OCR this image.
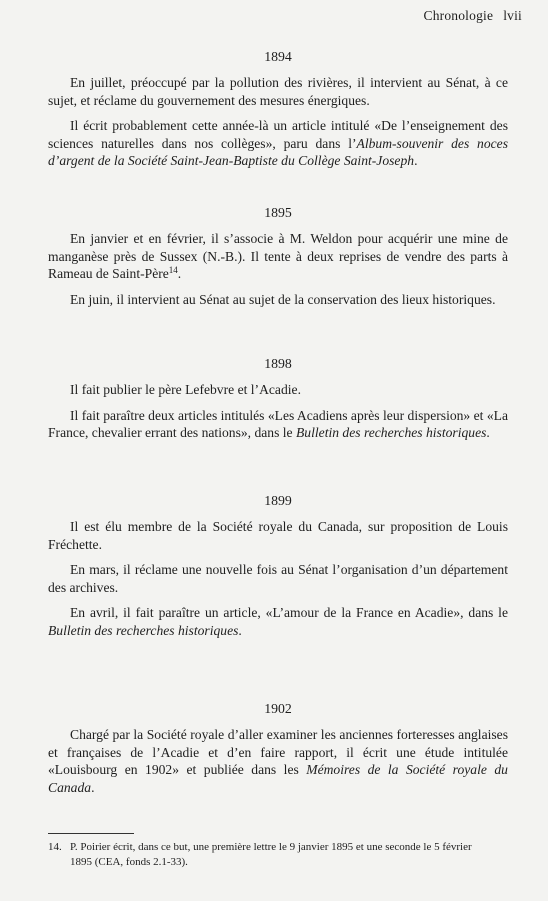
Chronologie lvii
1894

En juillet, préoccupé par la pollution des rivières, il intervient au Sénat, à ce sujet, et réclame du gouvernement des mesures énergiques.

Il écrit probablement cette année-là un article intitulé «De l’enseignement des sciences naturelles dans nos collèges», paru dans l’Album-souvenir des noces d’argent de la Société Saint-Jean-Baptiste du Collège Saint-Joseph.

1895

En janvier et en février, il s’associe à M. Weldon pour acquérir une mine de manganèse près de Sussex (N.-B.). Il tente à deux reprises de vendre des parts à Rameau de Saint-Père$^{14}$.

En juin, il intervient au Sénat au sujet de la conservation des lieux historiques.

1898

Il fait publier le père Lefebvre et l’Acadie.

Il fait paraître deux articles intitulés «Les Acadiens après leur dispersion» et «La France, chevalier errant des nations», dans le Bulletin des recherches historiques.

1899

Il est élu membre de la Société royale du Canada, sur proposition de Louis Fréchette.

En mars, il réclame une nouvelle fois au Sénat l’organisation d’un département des archives.

En avril, il fait paraître un article, «L’amour de la France en Acadie», dans le Bulletin des recherches historiques.

1902

Chargé par la Société royale d’aller examiner les anciennes forteresses anglaises et françaises de l’Acadie et d’en faire rapport, il écrit une étude intitulée «Louisbourg en 1902» et publiée dans les Mémoires de la Société royale du Canada.

14. P. Poirier écrit, dans ce but, une première lettre le 9 janvier 1895 et une seconde le 5 février
1895 (CEA, fonds 2.1-33).
